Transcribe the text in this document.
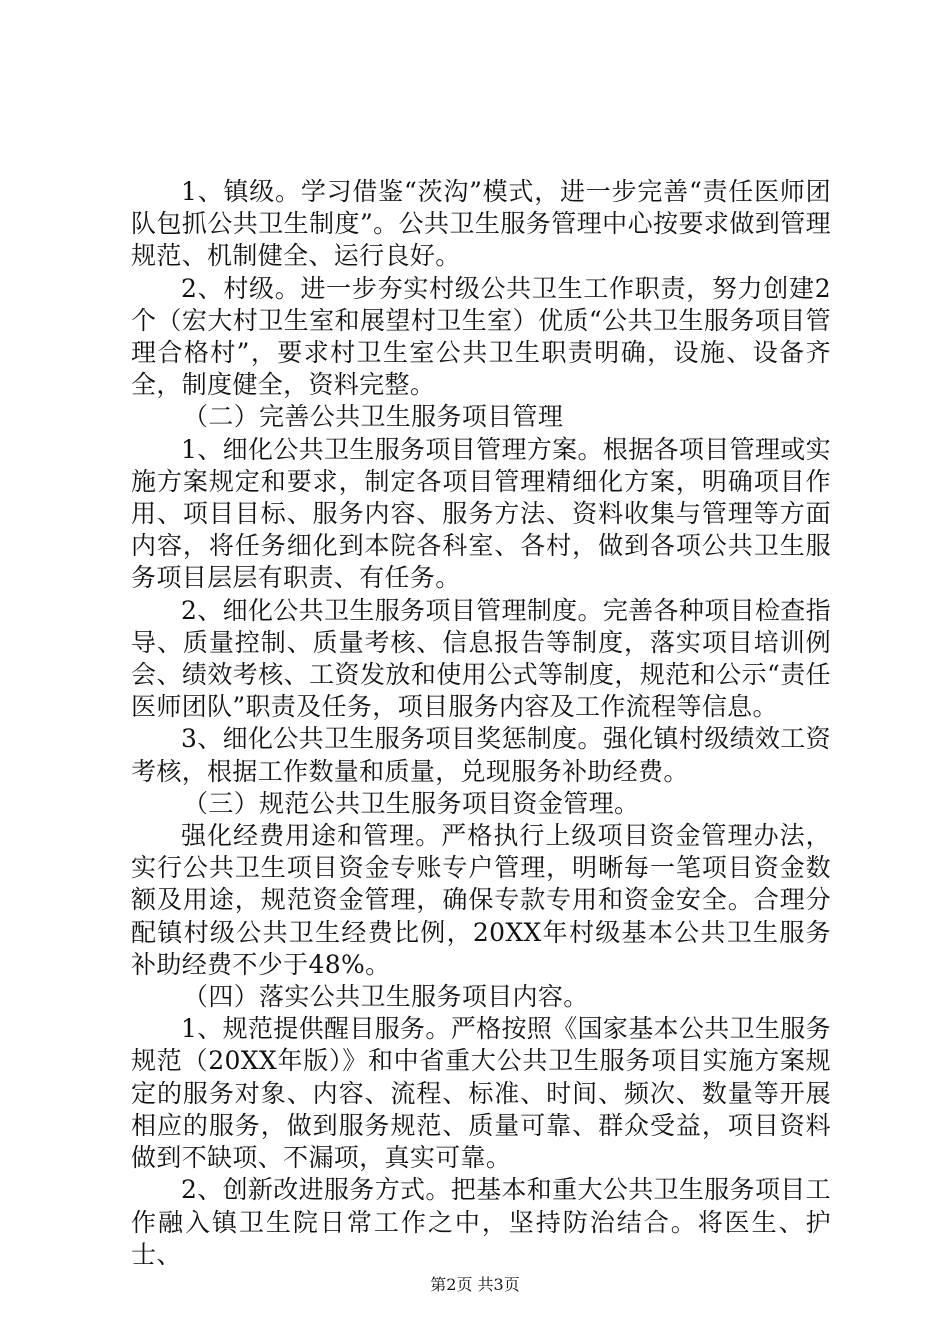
1、镇级。学习借鉴“茨沟”模式，进一步完善“责任医师团队包抓公共卫生制度”。公共卫生服务管理中心按要求做到管理规范、机制健全、运行良好。

2、村级。进一步夯实村级公共卫生工作职责，努力创建2个（宏大村卫生室和展望村卫生室）优质“公共卫生服务项目管理合格村”，要求村卫生室公共卫生职责明确，设施、设备齐全，制度健全，资料完整。

（二）完善公共卫生服务项目管理

1、细化公共卫生服务项目管理方案。根据各项目管理或实施方案规定和要求，制定各项目管理精细化方案，明确项目作用、项目目标、服务内容、服务方法、资料收集与管理等方面内容，将任务细化到本院各科室、各村，做到各项公共卫生服务项目层层有职责、有任务。

2、细化公共卫生服务项目管理制度。完善各种项目检查指导、质量控制、质量考核、信息报告等制度，落实项目培训例会、绩效考核、工资发放和使用公式等制度，规范和公示“责任医师团队”职责及任务，项目服务内容及工作流程等信息。

3、细化公共卫生服务项目奖惩制度。强化镇村级绩效工资考核，根据工作数量和质量，兑现服务补助经费。

（三）规范公共卫生服务项目资金管理。

强化经费用途和管理。严格执行上级项目资金管理办法，实行公共卫生项目资金专账专户管理，明晰每一笔项目资金数额及用途，规范资金管理，确保专款专用和资金安全。合理分配镇村级公共卫生经费比例，20XX年村级基本公共卫生服务补助经费不少于48%。

（四）落实公共卫生服务项目内容。

1、规范提供醒目服务。严格按照《国家基本公共卫生服务规范（20XX年版）》和中省重大公共卫生服务项目实施方案规定的服务对象、内容、流程、标准、时间、频次、数量等开展相应的服务，做到服务规范、质量可靠、群众受益，项目资料做到不缺项、不漏项，真实可靠。

2、创新改进服务方式。把基本和重大公共卫生服务项目工作融入镇卫生院日常工作之中，坚持防治结合。将医生、护士、

第2页 共3页
